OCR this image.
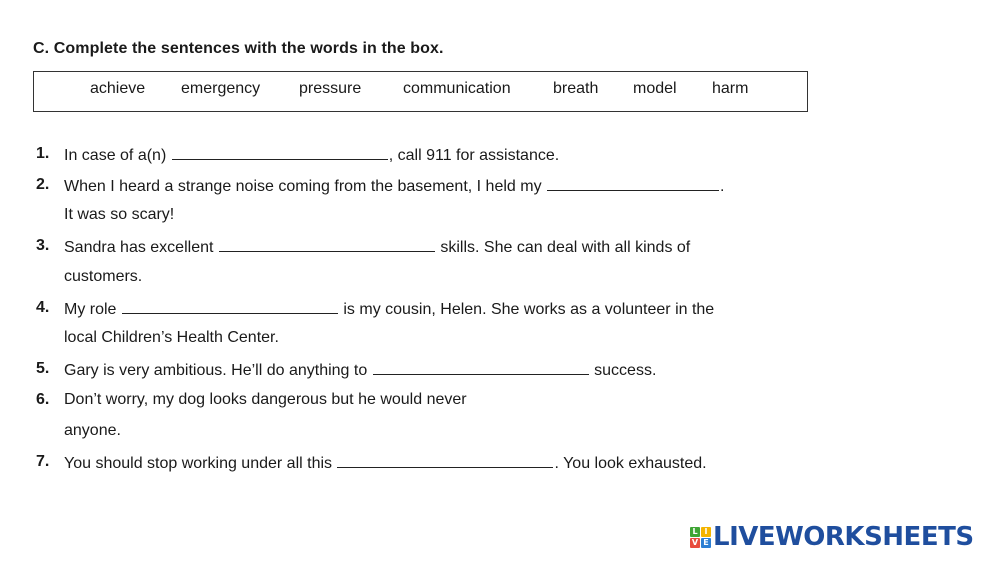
C. Complete the sentences with the words in the box.
achieve emergency pressure	communication	breath model harm
1. In case of a(n)	, call 911 for assistance.
2. When I heard a strange noise coming from the basement, I held my	.
It was so scary!
3. Sandra has excellent	skills. She can deal with all kinds of
customers.
4. My role	is my cousin, Helen. She works as a volunteer in the
local Children’s Health Center.
5. Gary is very ambitious. He’ll do anything to	success.
6. Don’t worry, my dog looks dangerous but he would never
anyone.
7. You should stop working under all this	. You look exhausted.
L I
V E LIVEWORKSHEETS
